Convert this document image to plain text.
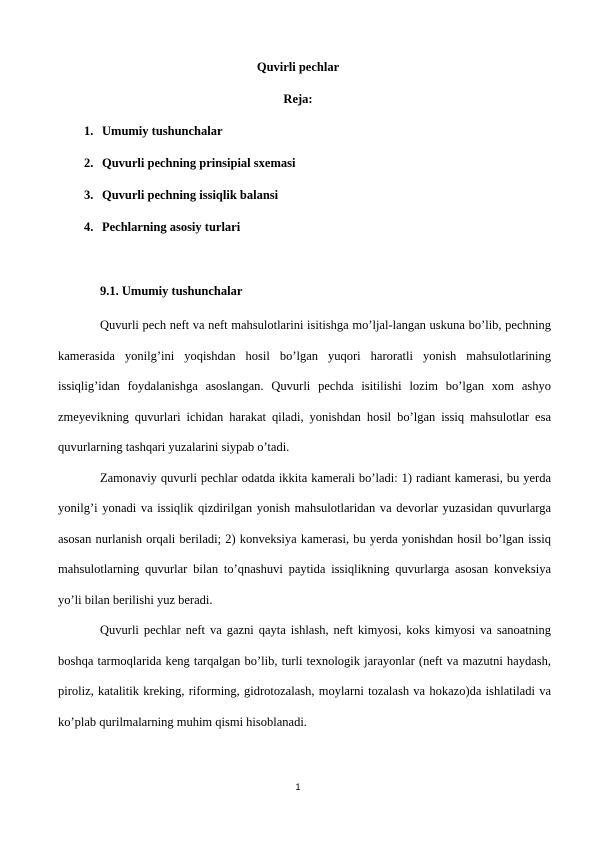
Quvirli pechlar
Reja:
1. Umumiy tushunchalar
2. Quvurli pechning prinsipial sxemasi
3. Quvurli pechning issiqlik balansi
4. Pechlarning asosiy turlari
9.1. Umumiy tushunchalar

Quvurli pech neft va neft mahsulotlarini isitishga mo’ljal-langan uskuna bo’lib, pechning kamerasida yonilg’ini yoqishdan hosil bo’lgan yuqori haroratli yonish mahsulotlarining issiqlig’idan foydalanishga asoslangan. Quvurli pechda isitilishi lozim bo’lgan xom ashyo zmeyevikning quvurlari ichidan harakat qiladi, yonishdan hosil bo’lgan issiq mahsulotlar esa quvurlarning tashqari yuzalarini siypab o’tadi.

Zamonaviy quvurli pechlar odatda ikkita kamerali bo’ladi: 1) radiant kamerasi, bu yerda yonilg’i yonadi va issiqlik qizdirilgan yonish mahsulotlaridan va devorlar yuzasidan quvurlarga asosan nurlanish orqali beriladi; 2) konveksiya kamerasi, bu yerda yonishdan hosil bo’lgan issiq mahsulotlarning quvurlar bilan to’qnashuvi paytida issiqlikning quvurlarga asosan konveksiya yo’li bilan berilishi yuz beradi.

Quvurli pechlar neft va gazni qayta ishlash, neft kimyosi, koks kimyosi va sanoatning boshqa tarmoqlarida keng tarqalgan bo’lib, turli texnologik jarayonlar (neft va mazutni haydash, piroliz, katalitik kreking, riforming, gidrotozalash, moylarni tozalash va hokazo)da ishlatiladi va ko’plab qurilmalarning muhim qismi hisoblanadi.

1
